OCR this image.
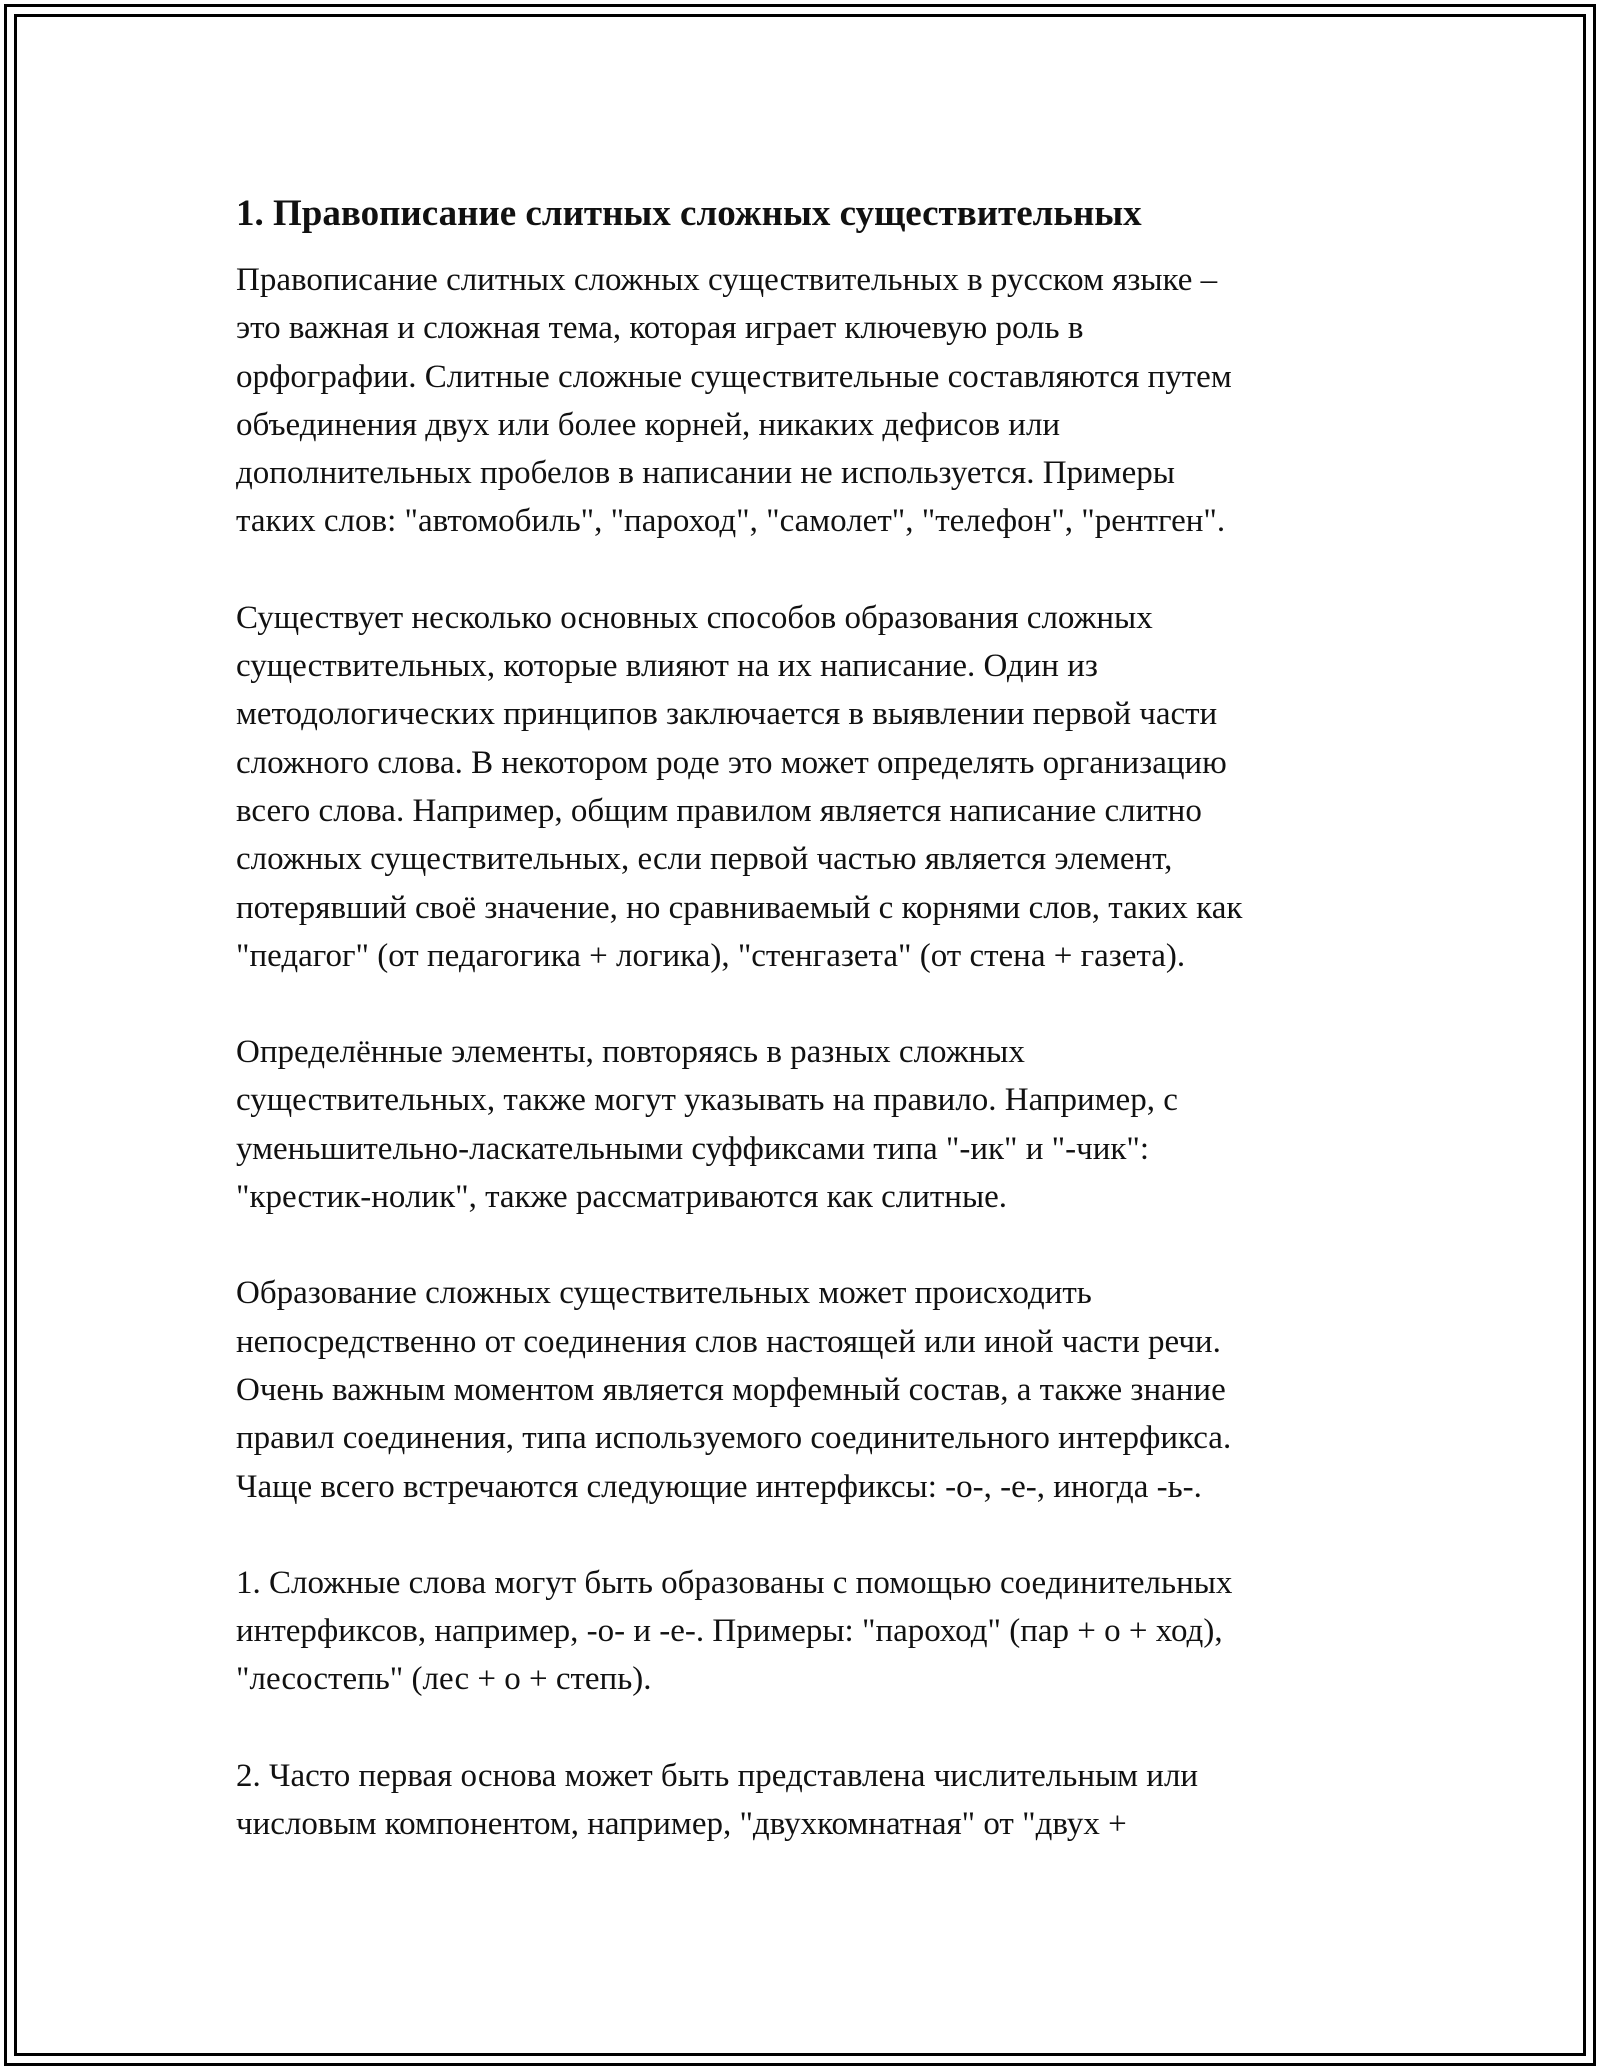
1. Правописание слитных сложных существительных

Правописание слитных сложных существительных в русском языке –
это важная и сложная тема, которая играет ключевую роль в
орфографии. Слитные сложные существительные составляются путем
объединения двух или более корней, никаких дефисов или
дополнительных пробелов в написании не используется. Примеры
таких слов: "автомобиль", "пароход", "самолет", "телефон", "рентген".

Существует несколько основных способов образования сложных
существительных, которые влияют на их написание. Один из
методологических принципов заключается в выявлении первой части
сложного слова. В некотором роде это может определять организацию
всего слова. Например, общим правилом является написание слитно
сложных существительных, если первой частью является элемент,
потерявший своё значение, но сравниваемый с корнями слов, таких как
"педагог" (от педагогика + логика), "стенгазета" (от стена + газета).

Определённые элементы, повторяясь в разных сложных
существительных, также могут указывать на правило. Например, с
уменьшительно-ласкательными суффиксами типа "-ик" и "-чик":
"крестик-нолик", также рассматриваются как слитные.

Образование сложных существительных может происходить
непосредственно от соединения слов настоящей или иной части речи.
Очень важным моментом является морфемный состав, а также знание
правил соединения, типа используемого соединительного интерфикса.
Чаще всего встречаются следующие интерфиксы: -о-, -е-, иногда -ь-.

1. Сложные слова могут быть образованы с помощью соединительных
интерфиксов, например, -о- и -е-. Примеры: "пароход" (пар + о + ход),
"лесостепь" (лес + о + степь).

2. Часто первая основа может быть представлена числительным или
числовым компонентом, например, "двухкомнатная" от "двух +
